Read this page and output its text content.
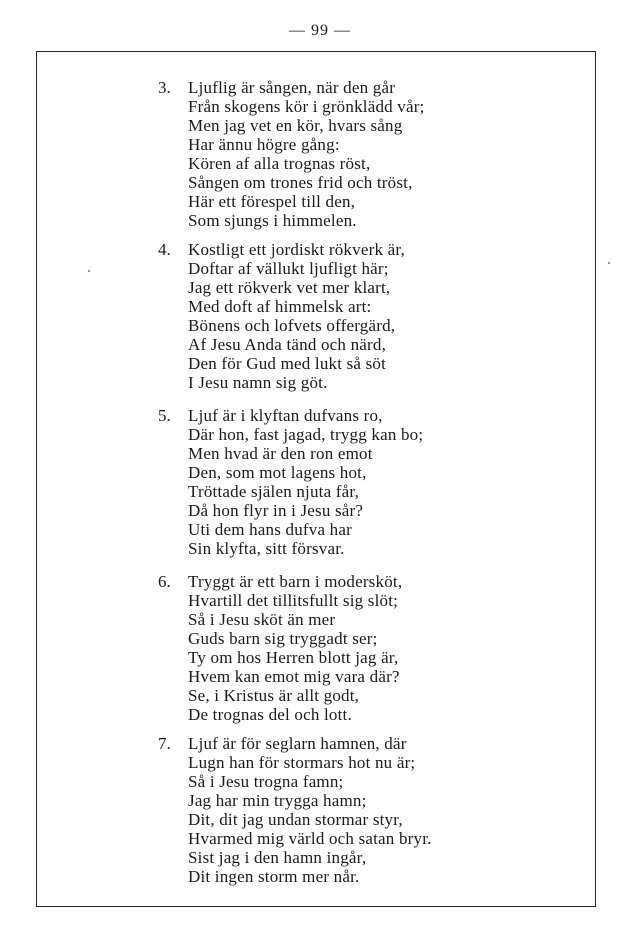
— 99 —
3.	Ljuflig är sången, när den går
Från skogens kör i grönklädd vår;
Men jag vet en kör, hvars sång
Har ännu högre gång:
Kören af alla trognas röst,
Sången om trones frid och tröst,
Här ett förespel till den,
Som sjungs i himmelen.
4.	Kostligt ett jordiskt rökverk är,
Doftar af vällukt ljufligt här;
Jag ett rökverk vet mer klart,
Med doft af himmelsk art:
Bönens och lofvets offergärd,
Af Jesu Anda tänd och närd,
Den för Gud med lukt så söt
I Jesu namn sig göt.
5.	Ljuf är i klyftan dufvans ro,
Där hon, fast jagad, trygg kan bo;
Men hvad är den ron emot
Den, som mot lagens hot,
Tröttade själen njuta får,
Då hon flyr in i Jesu sår?
Uti dem hans dufva har
Sin klyfta, sitt försvar.
6.	Tryggt är ett barn i modersköt,
Hvartill det tillitsfullt sig slöt;
Så i Jesu sköt än mer
Guds barn sig tryggadt ser;
Ty om hos Herren blott jag är,
Hvem kan emot mig vara där?
Se, i Kristus är allt godt,
De trognas del och lott.
7.	Ljuf är för seglarn hamnen, där
Lugn han för stormars hot nu är;
Så i Jesu trogna famn;
Jag har min trygga hamn;
Dit, dit jag undan stormar styr,
Hvarmed mig värld och satan bryr.
Sist jag i den hamn ingår,
Dit ingen storm mer når.
